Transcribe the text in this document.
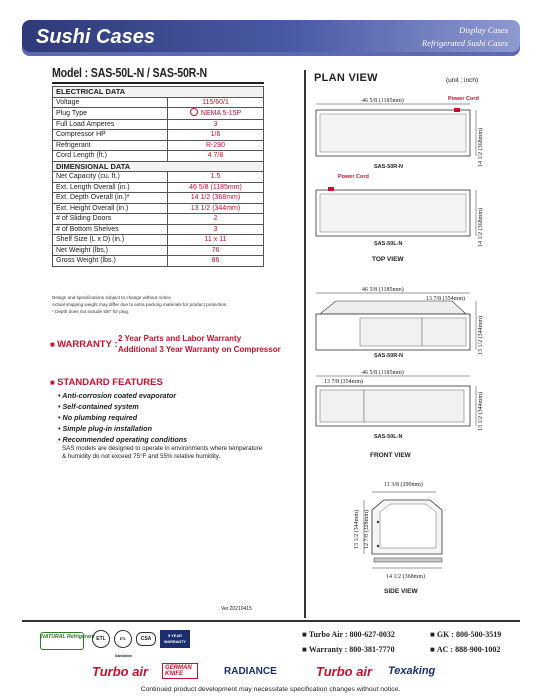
Sushi Cases	Display Cases
Refrigerated Sushi Cases
Model : SAS-50L-N / SAS-50R-N
ELECTRICAL DATA	
Voltage	115/60/1
Plug Type	NEMA 5-15P
Full Load Amperes	3
Compressor HP	1/6
Refrigerant	R-290
Cord Length (ft.)	4 7/8
DIMENSIONAL DATA	
Net Capacity (cu. ft.)	1.5
Ext. Length Overall (in.)	46 5/8 (1185mm)
Ext. Depth Overall (in.)*	14 1/2 (368mm)
Ext. Height Overall (in.)	13 1/2 (344mm)
# of Sliding Doors	2
# of Bottom Shelves	3
Shelf Size (L x D) (in.)	11 x 11
Net Weight (lbs.)	76
Gross Weight (lbs.)	86
Design and specifications subject to change without notice.
Actual shipping weight may differ due to extra packing materials for product protection.
* Depth does not include 5/8" for plug.
■ WARRANTY :
2 Year Parts and Labor Warranty
Additional 3 Year Warranty on Compressor
■ STANDARD FEATURES
• Anti-corrosion coated evaporator
• Self-contained system
• No plumbing required
• Simple plug-in installation
• Recommended operating conditions
SAS models are designed to operate in environments where temperature
& humidity do not exceed 75°F and 55% relative humidity.
Ver.20210415
PLAN VIEW	(unit : inch)
46 5/8 (1185mm)	Power Cord
14 1/2 (368mm)
SAS-50R-N
Power Cord
14 1/2 (368mm)
SAS-50L-N
TOP VIEW
46 5/8 (1185mm)
13 7/8 (354mm)
13 1/2 (344mm)
SAS-50R-N
46 5/8 (1185mm)
13 7/8 (354mm)
13 1/2 (344mm)
SAS-50L-N
FRONT VIEW
11 3/8 (290mm)
13 1/2 (344mm) 12 7/8 (328mm)
14 1/2 (368mm)
SIDE VIEW
NATURAL Refrigerant ETL	ETL Sanitation
CSA	5 YEAR WARRANTY
■ Turbo Air : 800-627-0032	■ GK : 800-500-3519
■ Warranty : 800-381-7770	■ AC : 888-900-1002
Turbo air	GERMAN KNIFE	RADIANCE	Turbo air Texaking
Continued product development may necessitate specification changes without notice.
